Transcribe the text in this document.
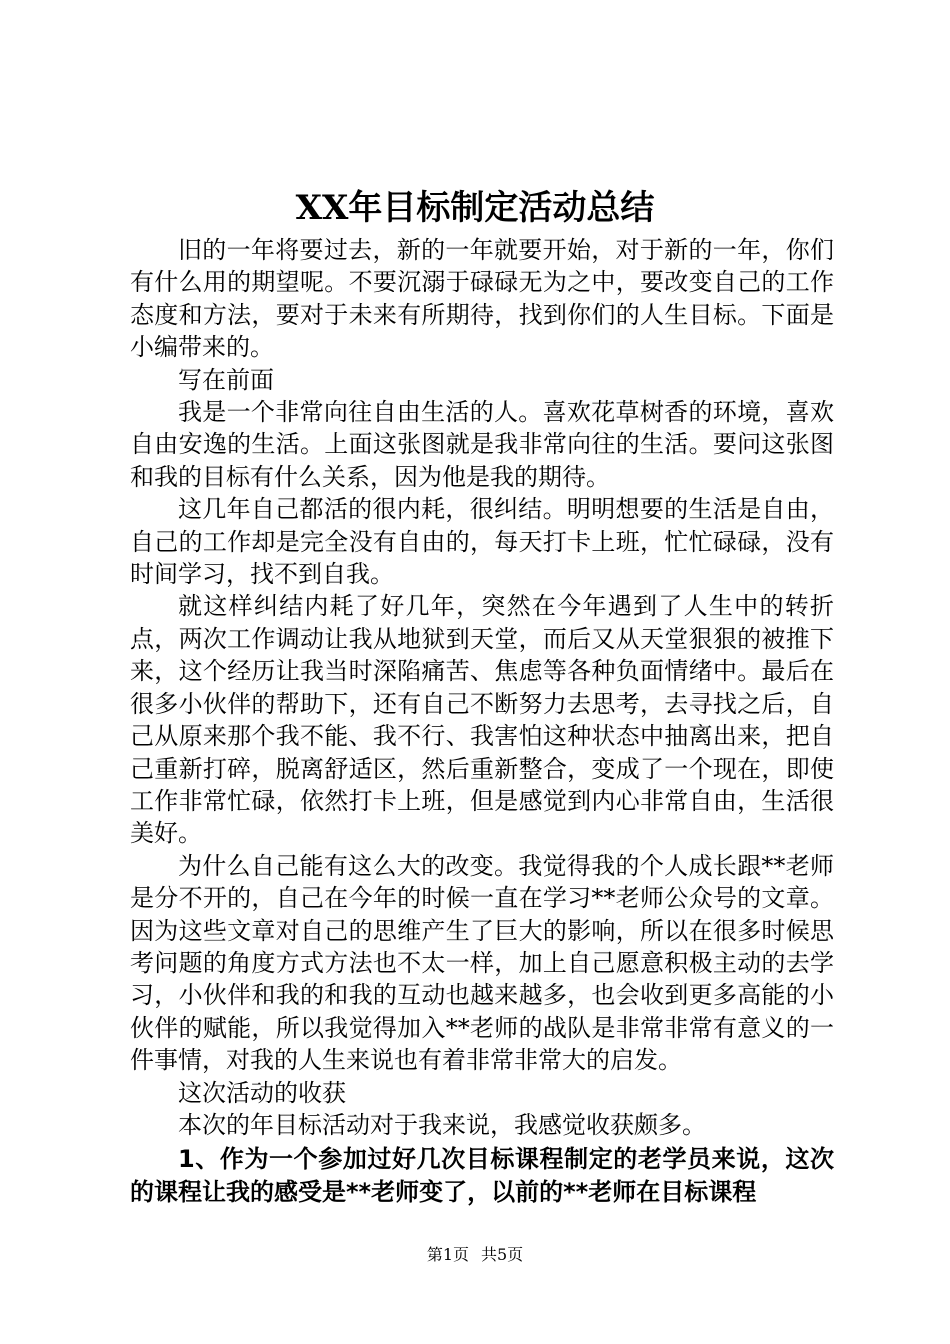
XX年目标制定活动总结

旧的一年将要过去，新的一年就要开始，对于新的一年，你们有什么用的期望呢。不要沉溺于碌碌无为之中，要改变自己的工作态度和方法，要对于未来有所期待，找到你们的人生目标。下面是小编带来的。

写在前面

我是一个非常向往自由生活的人。喜欢花草树香的环境，喜欢自由安逸的生活。上面这张图就是我非常向往的生活。要问这张图和我的目标有什么关系，因为他是我的期待。

这几年自己都活的很内耗，很纠结。明明想要的生活是自由，自己的工作却是完全没有自由的，每天打卡上班，忙忙碌碌，没有时间学习，找不到自我。

就这样纠结内耗了好几年，突然在今年遇到了人生中的转折点，两次工作调动让我从地狱到天堂，而后又从天堂狠狠的被推下来，这个经历让我当时深陷痛苦、焦虑等各种负面情绪中。最后在很多小伙伴的帮助下，还有自己不断努力去思考，去寻找之后，自己从原来那个我不能、我不行、我害怕这种状态中抽离出来，把自己重新打碎，脱离舒适区，然后重新整合，变成了一个现在，即使工作非常忙碌，依然打卡上班，但是感觉到内心非常自由，生活很美好。

为什么自己能有这么大的改变。我觉得我的个人成长跟**老师是分不开的，自己在今年的时候一直在学习**老师公众号的文章。因为这些文章对自己的思维产生了巨大的影响，所以在很多时候思考问题的角度方式方法也不太一样，加上自己愿意积极主动的去学习，小伙伴和我的和我的互动也越来越多，也会收到更多高能的小伙伴的赋能，所以我觉得加入**老师的战队是非常非常有意义的一件事情，对我的人生来说也有着非常非常大的启发。

这次活动的收获

本次的年目标活动对于我来说，我感觉收获颇多。

1、作为一个参加过好几次目标课程制定的老学员来说，这次的课程让我的感受是**老师变了，以前的**老师在目标课程

第1页 共5页
